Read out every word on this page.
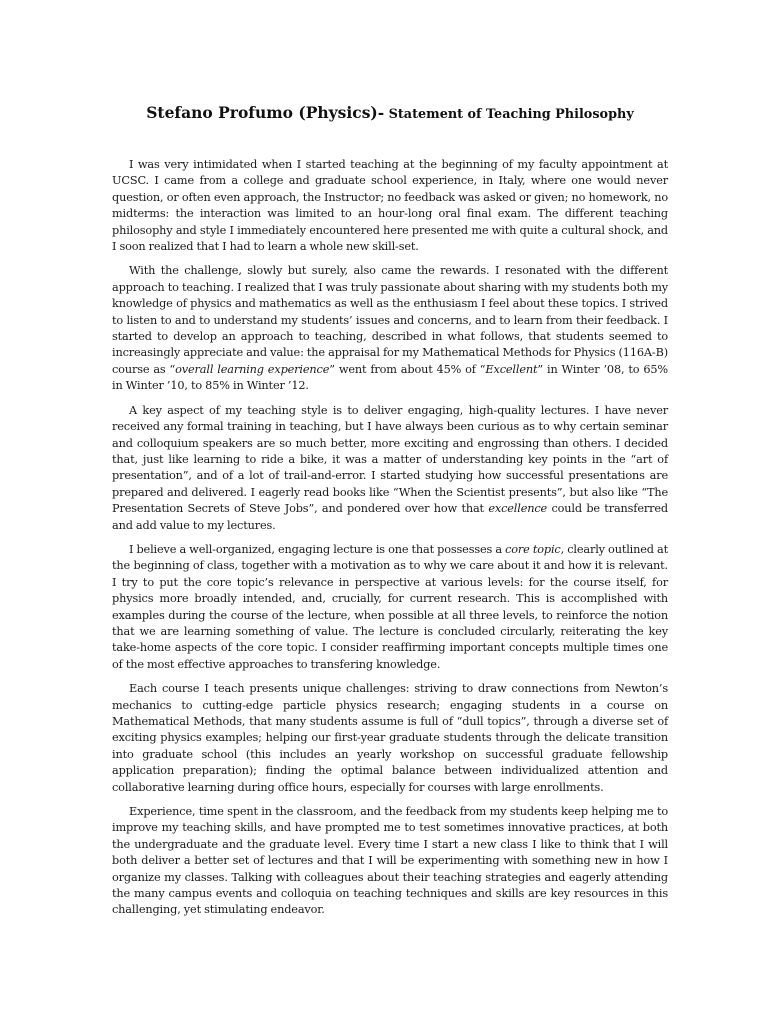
Stefano Profumo (Physics)- Statement of Teaching Philosophy

I was very intimidated when I started teaching at the beginning of my faculty appointment at UCSC. I came from a college and graduate school experience, in Italy, where one would never question, or often even approach, the Instructor; no feedback was asked or given; no homework, no midterms: the interaction was limited to an hour-long oral final exam. The different teaching philosophy and style I immediately encountered here presented me with quite a cultural shock, and I soon realized that I had to learn a whole new skill-set.

With the challenge, slowly but surely, also came the rewards. I resonated with the different approach to teaching. I realized that I was truly passionate about sharing with my students both my knowledge of physics and mathematics as well as the enthusiasm I feel about these topics. I strived to listen to and to understand my students’ issues and concerns, and to learn from their feedback. I started to develop an approach to teaching, described in what follows, that students seemed to increasingly appreciate and value: the appraisal for my Mathematical Methods for Physics (116A-B) course as “overall learning experience” went from about 45% of “Excellent” in Winter ’08, to 65% in Winter ’10, to 85% in Winter ’12.

A key aspect of my teaching style is to deliver engaging, high-quality lectures. I have never received any formal training in teaching, but I have always been curious as to why certain seminar and colloquium speakers are so much better, more exciting and engrossing than others. I decided that, just like learning to ride a bike, it was a matter of understanding key points in the “art of presentation”, and of a lot of trail-and-error. I started studying how successful presentations are prepared and delivered. I eagerly read books like “When the Scientist presents”, but also like “The Presentation Secrets of Steve Jobs”, and pondered over how that excellence could be transferred and add value to my lectures.

I believe a well-organized, engaging lecture is one that possesses a core topic, clearly outlined at the beginning of class, together with a motivation as to why we care about it and how it is relevant. I try to put the core topic’s relevance in perspective at various levels: for the course itself, for physics more broadly intended, and, crucially, for current research. This is accomplished with examples during the course of the lecture, when possible at all three levels, to reinforce the notion that we are learning something of value. The lecture is concluded circularly, reiterating the key take-home aspects of the core topic. I consider reaffirming important concepts multiple times one of the most effective approaches to transfering knowledge.

Each course I teach presents unique challenges: striving to draw connections from Newton’s mechanics to cutting-edge particle physics research; engaging students in a course on Mathematical Methods, that many students assume is full of “dull topics”, through a diverse set of exciting physics examples; helping our first-year graduate students through the delicate transition into graduate school (this includes an yearly workshop on successful graduate fellowship application preparation); finding the optimal balance between individualized attention and collaborative learning during office hours, especially for courses with large enrollments.

Experience, time spent in the classroom, and the feedback from my students keep helping me to improve my teaching skills, and have prompted me to test sometimes innovative practices, at both the undergraduate and the graduate level. Every time I start a new class I like to think that I will both deliver a better set of lectures and that I will be experimenting with something new in how I organize my classes. Talking with colleagues about their teaching strategies and eagerly attending the many campus events and colloquia on teaching techniques and skills are key resources in this challenging, yet stimulating endeavor.
